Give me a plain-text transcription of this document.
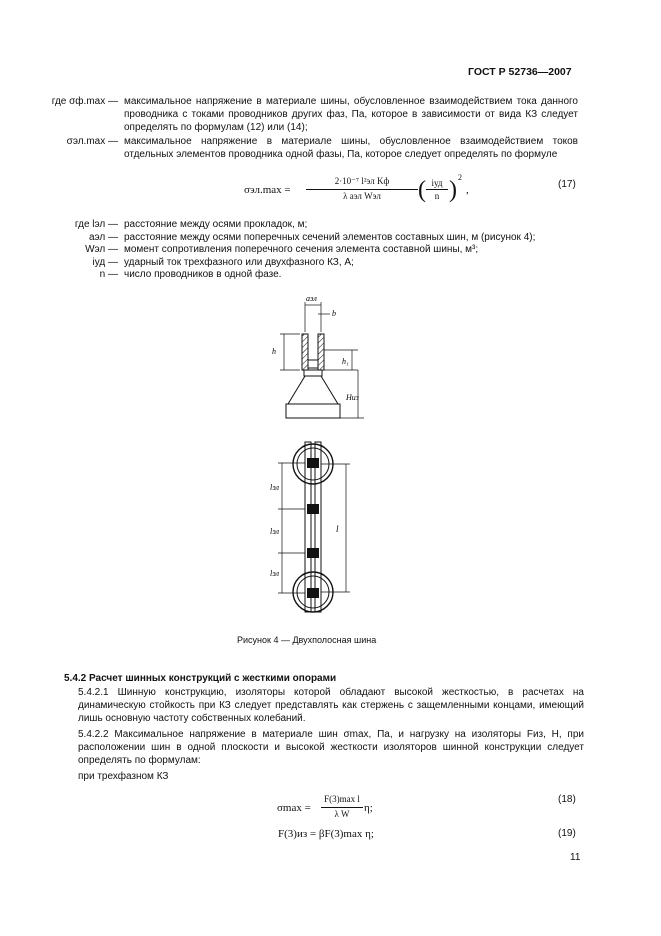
ГОСТ Р 52736—2007
где σф.max — максимальное напряжение в материале шины, обусловленное взаимодействием тока данного проводника с токами проводников других фаз, Па, которое в зависимости от вида КЗ следует определять по формулам (12) или (14);
σэл.max — максимальное напряжение в материале шины, обусловленное взаимодействием токов отдельных элементов проводника одной фазы, Па, которое следует определять по формуле
σэл.max =
2·10⁻⁷ l²эл Kф
λ aэл Wэл	( iуд
n ) 2
,	(17)
где lэл — расстояние между осями прокладок, м;
aэл — расстояние между осями поперечных сечений элементов составных шин, м (рисунок 4);
Wэл — момент сопротивления поперечного сечения элемента составной шины, м³;
iуд — ударный ток трехфазного или двухфазного КЗ, А;
n — число проводников в одной фазе.
aэл
b
h
h₁
Hиз
lэл
lэл
lэл
l
Рисунок 4 — Двухполосная шина
5.4.2 Расчет шинных конструкций с жесткими опорами
5.4.2.1 Шинную конструкцию, изоляторы которой обладают высокой жесткостью, в расчетах на динамическую стойкость при КЗ следует представлять как стержень с защемленными концами, имеющий лишь основную частоту собственных колебаний.
5.4.2.2 Максимальное напряжение в материале шин σmax, Па, и нагрузку на изоляторы Fиз, Н, при расположении шин в одной плоскости и высокой жесткости изоляторов шинной конструкции следует определять по формулам:
при трехфазном КЗ
σmax =
F(3)max l
λ W	η;
(18)
F(3)из = βF(3)max η;	(19)
11
